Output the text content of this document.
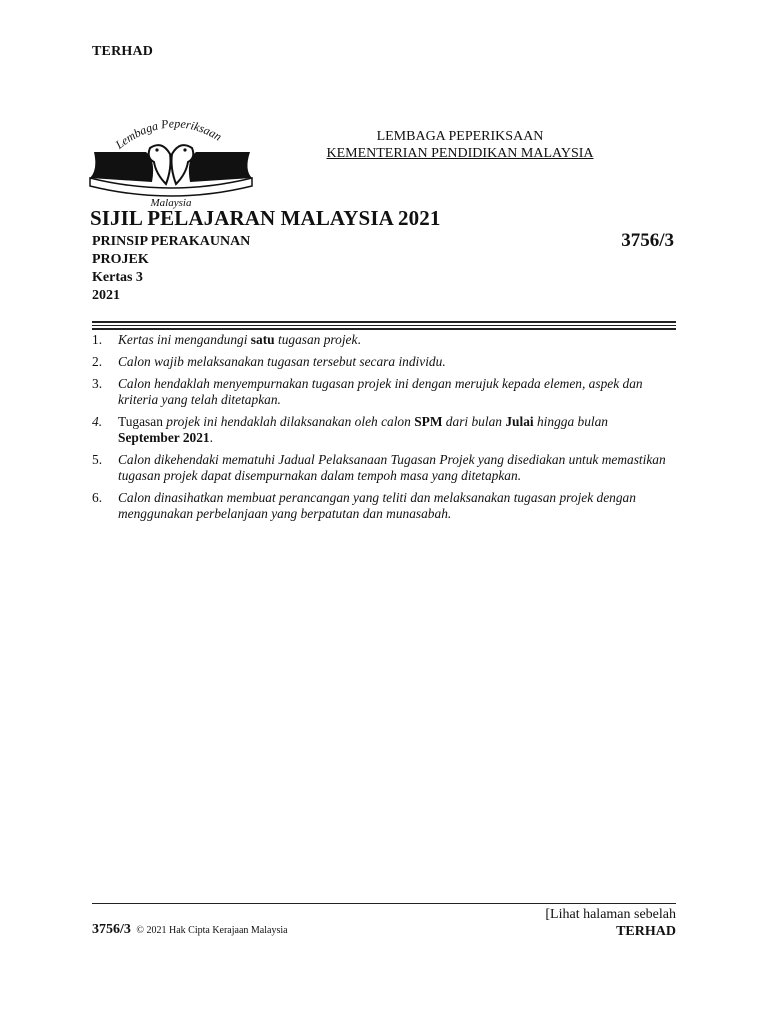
TERHAD
Lembaga Peperiksaan
Malaysia
LEMBAGA PEPERIKSAAN
KEMENTERIAN PENDIDIKAN MALAYSIA
SIJIL PELAJARAN MALAYSIA 2021
3756/3
PRINSIP PERAKAUNAN
PROJEK
Kertas 3
2021
1.	Kertas ini mengandungi satu tugasan projek.
2.	Calon wajib melaksanakan tugasan tersebut secara individu.
3.	Calon hendaklah menyempurnakan tugasan projek ini dengan merujuk kepada elemen, aspek dan kriteria yang telah ditetapkan.
4.	Tugasan projek ini hendaklah dilaksanakan oleh calon SPM dari bulan Julai hingga bulan
September 2021.
5.	Calon dikehendaki mematuhi Jadual Pelaksanaan Tugasan Projek yang disediakan untuk memastikan tugasan projek dapat disempurnakan dalam tempoh masa yang ditetapkan.
6.	Calon dinasihatkan membuat perancangan yang teliti dan melaksanakan tugasan projek dengan menggunakan perbelanjaan yang berpatutan dan munasabah.
[Lihat halaman sebelah
TERHAD
3756/3 © 2021 Hak Cipta Kerajaan Malaysia
